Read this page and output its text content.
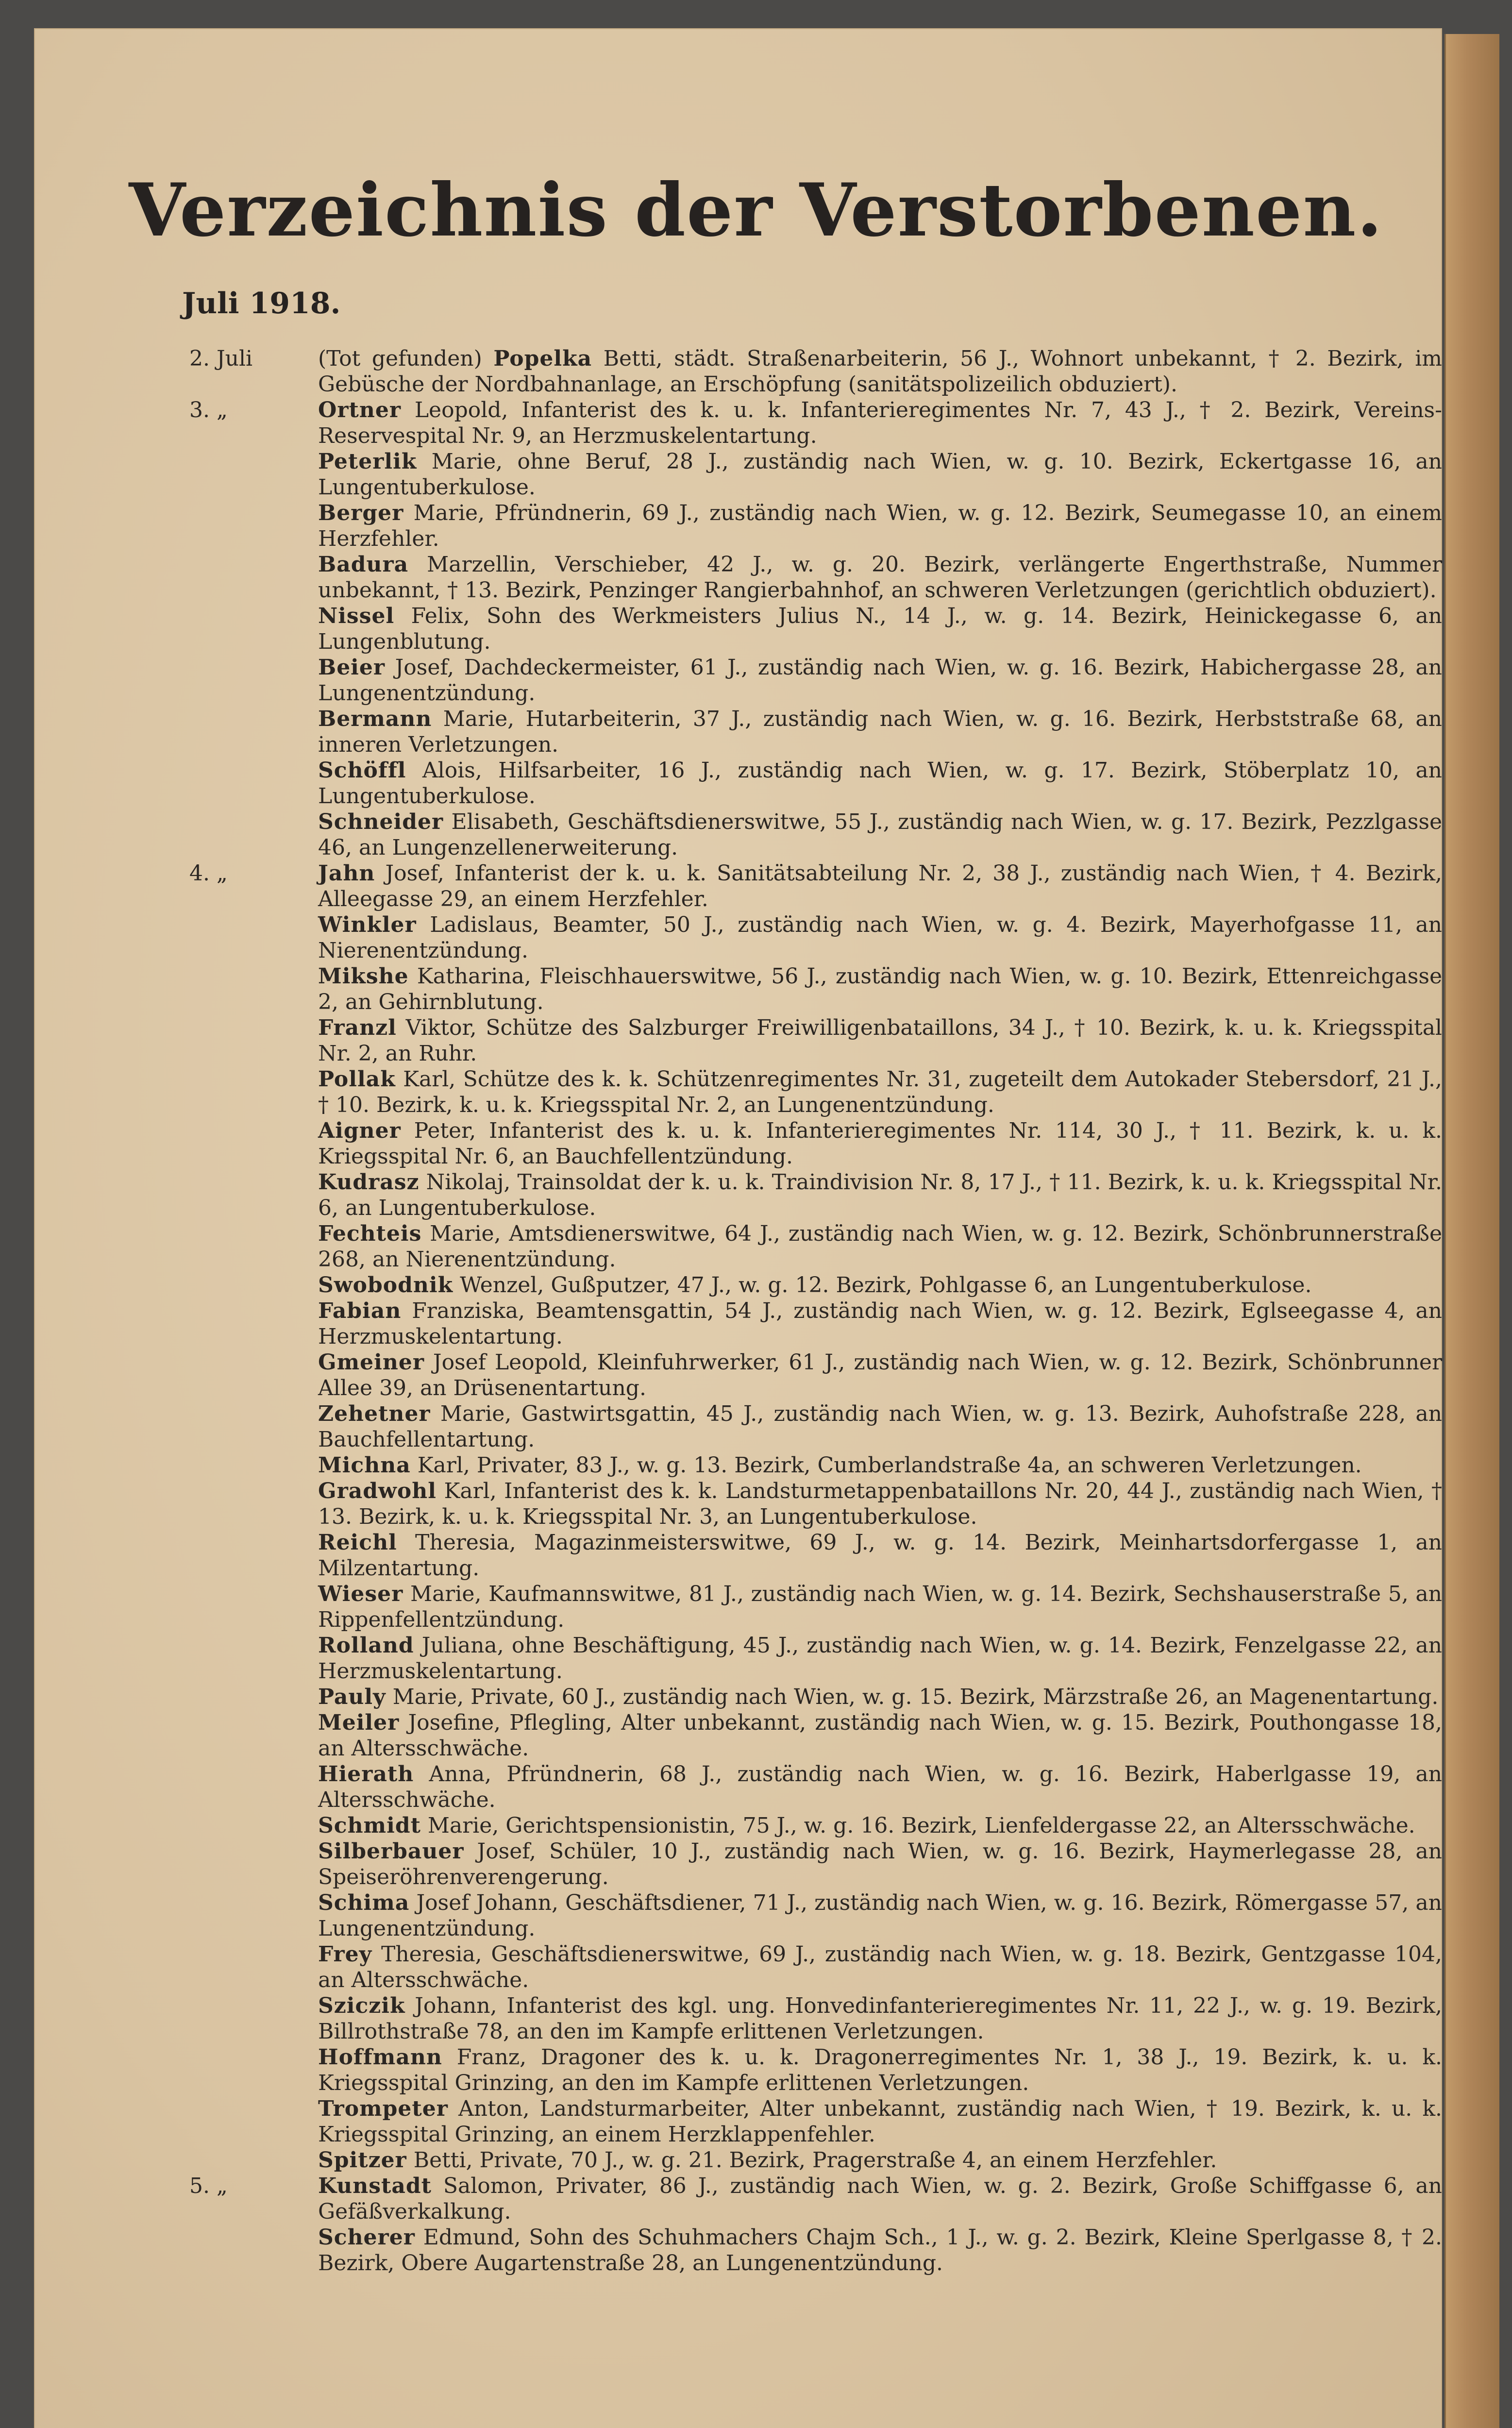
Verzeichnis der Verstorbenen.
Juli 1918.
2. Juli	(Tot gefunden) Popelka Betti, städt. Straßenarbeiterin, 56 J., Wohnort unbekannt, † 2. Bezirk, im Gebüsche der Nordbahnanlage, an Erschöpfung (sanitätspolizeilich obduziert).
3. „	Ortner Leopold, Infanterist des k. u. k. Infanterieregimentes Nr. 7, 43 J., † 2. Bezirk, Vereins-Reservespital Nr. 9, an Herzmuskelentartung.
Peterlik Marie, ohne Beruf, 28 J., zuständig nach Wien, w. g. 10. Bezirk, Eckertgasse 16, an Lungentuberkulose.
Berger Marie, Pfründnerin, 69 J., zuständig nach Wien, w. g. 12. Bezirk, Seumegasse 10, an einem Herzfehler.
Badura Marzellin, Verschieber, 42 J., w. g. 20. Bezirk, verlängerte Engerthstraße, Nummer unbekannt, † 13. Bezirk, Penzinger Rangierbahnhof, an schweren Verletzungen (gerichtlich obduziert).
Nissel Felix, Sohn des Werkmeisters Julius N., 14 J., w. g. 14. Bezirk, Heinickegasse 6, an Lungenblutung.
Beier Josef, Dachdeckermeister, 61 J., zuständig nach Wien, w. g. 16. Bezirk, Habichergasse 28, an Lungenentzündung.
Bermann Marie, Hutarbeiterin, 37 J., zuständig nach Wien, w. g. 16. Bezirk, Herbststraße 68, an inneren Verletzungen.
Schöffl Alois, Hilfsarbeiter, 16 J., zuständig nach Wien, w. g. 17. Bezirk, Stöberplatz 10, an Lungentuberkulose.
Schneider Elisabeth, Geschäftsdienerswitwe, 55 J., zuständig nach Wien, w. g. 17. Bezirk, Pezzlgasse 46, an Lungenzellenerweiterung.
4. „	Jahn Josef, Infanterist der k. u. k. Sanitätsabteilung Nr. 2, 38 J., zuständig nach Wien, † 4. Bezirk, Alleegasse 29, an einem Herzfehler.
Winkler Ladislaus, Beamter, 50 J., zuständig nach Wien, w. g. 4. Bezirk, Mayerhofgasse 11, an Nierenentzündung.
Mikshe Katharina, Fleischhauerswitwe, 56 J., zuständig nach Wien, w. g. 10. Bezirk, Ettenreichgasse 2, an Gehirnblutung.
Franzl Viktor, Schütze des Salzburger Freiwilligenbataillons, 34 J., † 10. Bezirk, k. u. k. Kriegsspital Nr. 2, an Ruhr.
Pollak Karl, Schütze des k. k. Schützenregimentes Nr. 31, zugeteilt dem Autokader Stebersdorf, 21 J., † 10. Bezirk, k. u. k. Kriegsspital Nr. 2, an Lungenentzündung.
Aigner Peter, Infanterist des k. u. k. Infanterieregimentes Nr. 114, 30 J., † 11. Bezirk, k. u. k. Kriegsspital Nr. 6, an Bauchfellentzündung.
Kudrasz Nikolaj, Trainsoldat der k. u. k. Traindivision Nr. 8, 17 J., † 11. Bezirk, k. u. k. Kriegsspital Nr. 6, an Lungentuberkulose.
Fechteis Marie, Amtsdienerswitwe, 64 J., zuständig nach Wien, w. g. 12. Bezirk, Schönbrunnerstraße 268, an Nierenentzündung.
Swobodnik Wenzel, Gußputzer, 47 J., w. g. 12. Bezirk, Pohlgasse 6, an Lungentuberkulose.
Fabian Franziska, Beamtensgattin, 54 J., zuständig nach Wien, w. g. 12. Bezirk, Eglseegasse 4, an Herzmuskelentartung.
Gmeiner Josef Leopold, Kleinfuhrwerker, 61 J., zuständig nach Wien, w. g. 12. Bezirk, Schönbrunner Allee 39, an Drüsenentartung.
Zehetner Marie, Gastwirtsgattin, 45 J., zuständig nach Wien, w. g. 13. Bezirk, Auhofstraße 228, an Bauchfellentartung.
Michna Karl, Privater, 83 J., w. g. 13. Bezirk, Cumberlandstraße 4a, an schweren Verletzungen.
Gradwohl Karl, Infanterist des k. k. Landsturmetappenbataillons Nr. 20, 44 J., zuständig nach Wien, † 13. Bezirk, k. u. k. Kriegsspital Nr. 3, an Lungentuberkulose.
Reichl Theresia, Magazinmeisterswitwe, 69 J., w. g. 14. Bezirk, Meinhartsdorfergasse 1, an Milzentartung.
Wieser Marie, Kaufmannswitwe, 81 J., zuständig nach Wien, w. g. 14. Bezirk, Sechshauserstraße 5, an Rippenfellentzündung.
Rolland Juliana, ohne Beschäftigung, 45 J., zuständig nach Wien, w. g. 14. Bezirk, Fenzelgasse 22, an Herzmuskelentartung.
Pauly Marie, Private, 60 J., zuständig nach Wien, w. g. 15. Bezirk, Märzstraße 26, an Magenentartung.
Meiler Josefine, Pflegling, Alter unbekannt, zuständig nach Wien, w. g. 15. Bezirk, Pouthongasse 18, an Altersschwäche.
Hierath Anna, Pfründnerin, 68 J., zuständig nach Wien, w. g. 16. Bezirk, Haberlgasse 19, an Altersschwäche.
Schmidt Marie, Gerichtspensionistin, 75 J., w. g. 16. Bezirk, Lienfeldergasse 22, an Altersschwäche.
Silberbauer Josef, Schüler, 10 J., zuständig nach Wien, w. g. 16. Bezirk, Haymerlegasse 28, an Speiseröhrenverengerung.
Schima Josef Johann, Geschäftsdiener, 71 J., zuständig nach Wien, w. g. 16. Bezirk, Römergasse 57, an Lungenentzündung.
Frey Theresia, Geschäftsdienerswitwe, 69 J., zuständig nach Wien, w. g. 18. Bezirk, Gentzgasse 104, an Altersschwäche.
Sziczik Johann, Infanterist des kgl. ung. Honvedinfanterieregimentes Nr. 11, 22 J., w. g. 19. Bezirk, Billrothstraße 78, an den im Kampfe erlittenen Verletzungen.
Hoffmann Franz, Dragoner des k. u. k. Dragonerregimentes Nr. 1, 38 J., 19. Bezirk, k. u. k. Kriegsspital Grinzing, an den im Kampfe erlittenen Verletzungen.
Trompeter Anton, Landsturmarbeiter, Alter unbekannt, zuständig nach Wien, † 19. Bezirk, k. u. k. Kriegsspital Grinzing, an einem Herzklappenfehler.
Spitzer Betti, Private, 70 J., w. g. 21. Bezirk, Pragerstraße 4, an einem Herzfehler.
5. „	Kunstadt Salomon, Privater, 86 J., zuständig nach Wien, w. g. 2. Bezirk, Große Schiffgasse 6, an Gefäßverkalkung.
Scherer Edmund, Sohn des Schuhmachers Chajm Sch., 1 J., w. g. 2. Bezirk, Kleine Sperlgasse 8, † 2. Bezirk, Obere Augartenstraße 28, an Lungenentzündung.
